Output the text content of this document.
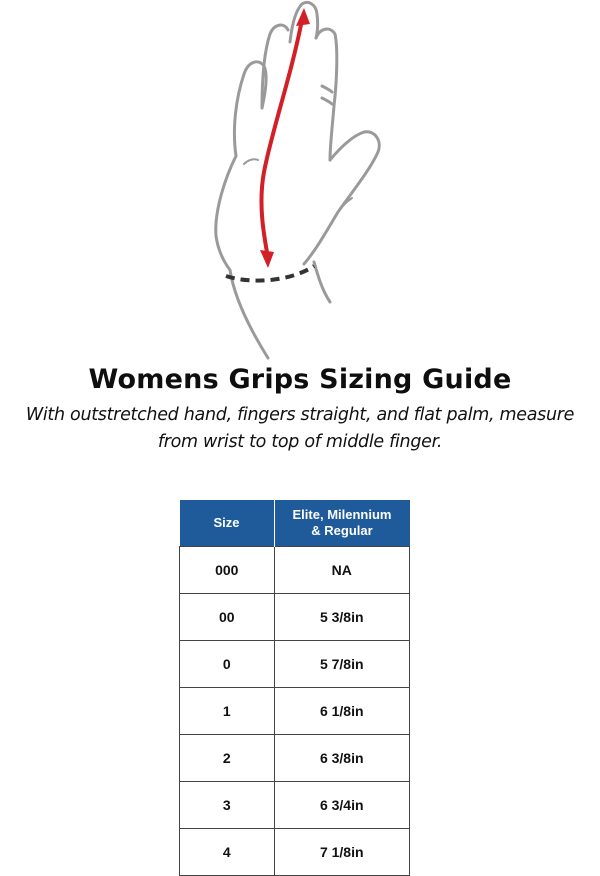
Womens Grips Sizing Guide
With outstretched hand, fingers straight, and flat palm, measure
from wrist to top of middle finger.
Size	Elite, Milennium
& Regular

000	NA
00	5 3/8in
0	5 7/8in
1	6 1/8in
2	6 3/8in
3	6 3/4in
4	7 1/8in
